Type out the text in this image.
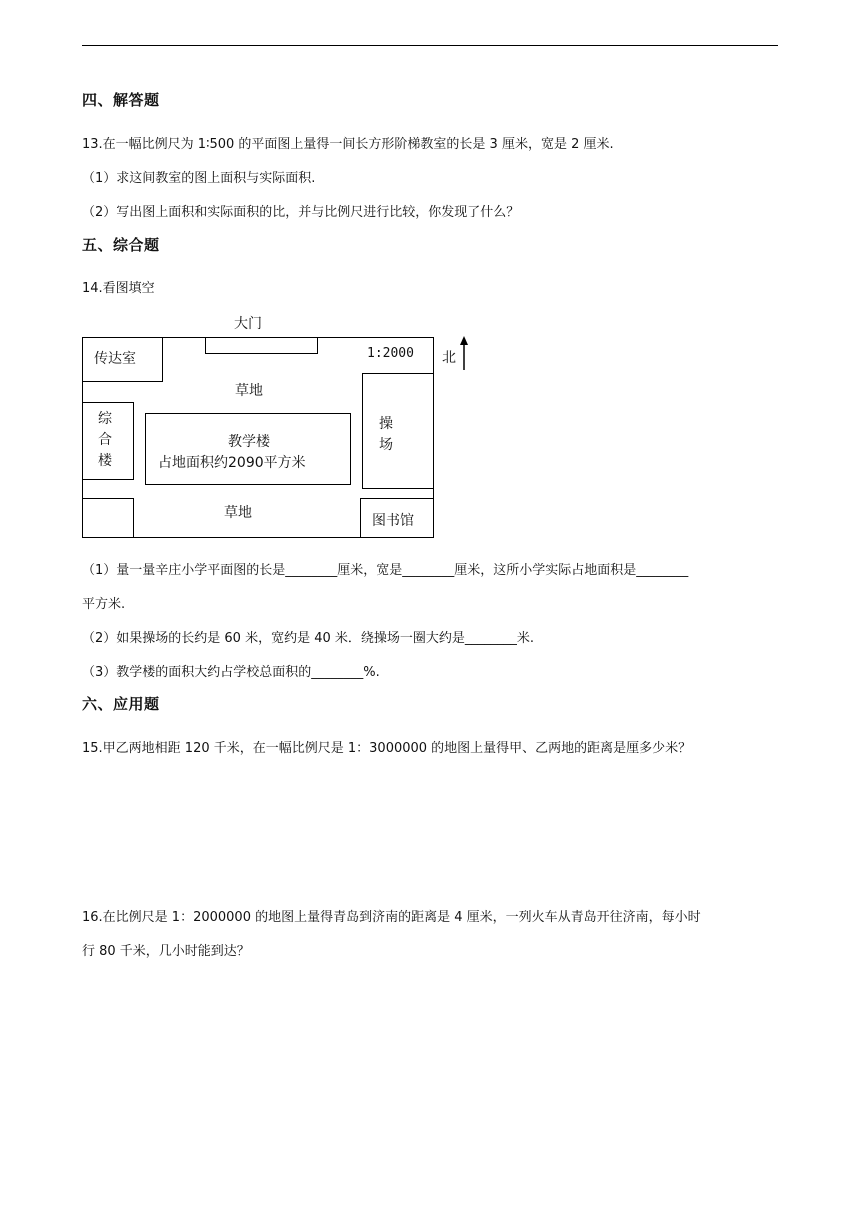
四、解答题
13.在一幅比例尺为 1∶500 的平面图上量得一间长方形阶梯教室的长是 3 厘米，宽是 2 厘米.
（1）求这间教室的图上面积与实际面积.
（2）写出图上面积和实际面积的比，并与比例尺进行比较，你发现了什么？
五、综合题
14.看图填空
大门
1:2000 北
传达室
草地
综合楼
教学楼
占地面积约2090平方米
操场
草地	图书馆
（1）量一量辛庄小学平面图的长是________厘米，宽是________厘米，这所小学实际占地面积是________
平方米.
（2）如果操场的长约是 60 米，宽约是 40 米．绕操场一圈大约是________米.
（3）教学楼的面积大约占学校总面积的________%.
六、应用题
15.甲乙两地相距 120 千米，在一幅比例尺是 1：3000000 的地图上量得甲、乙两地的距离是厘多少米？
16.在比例尺是 1：2000000 的地图上量得青岛到济南的距离是 4 厘米，一列火车从青岛开往济南，每小时
行 80 千米，几小时能到达？
